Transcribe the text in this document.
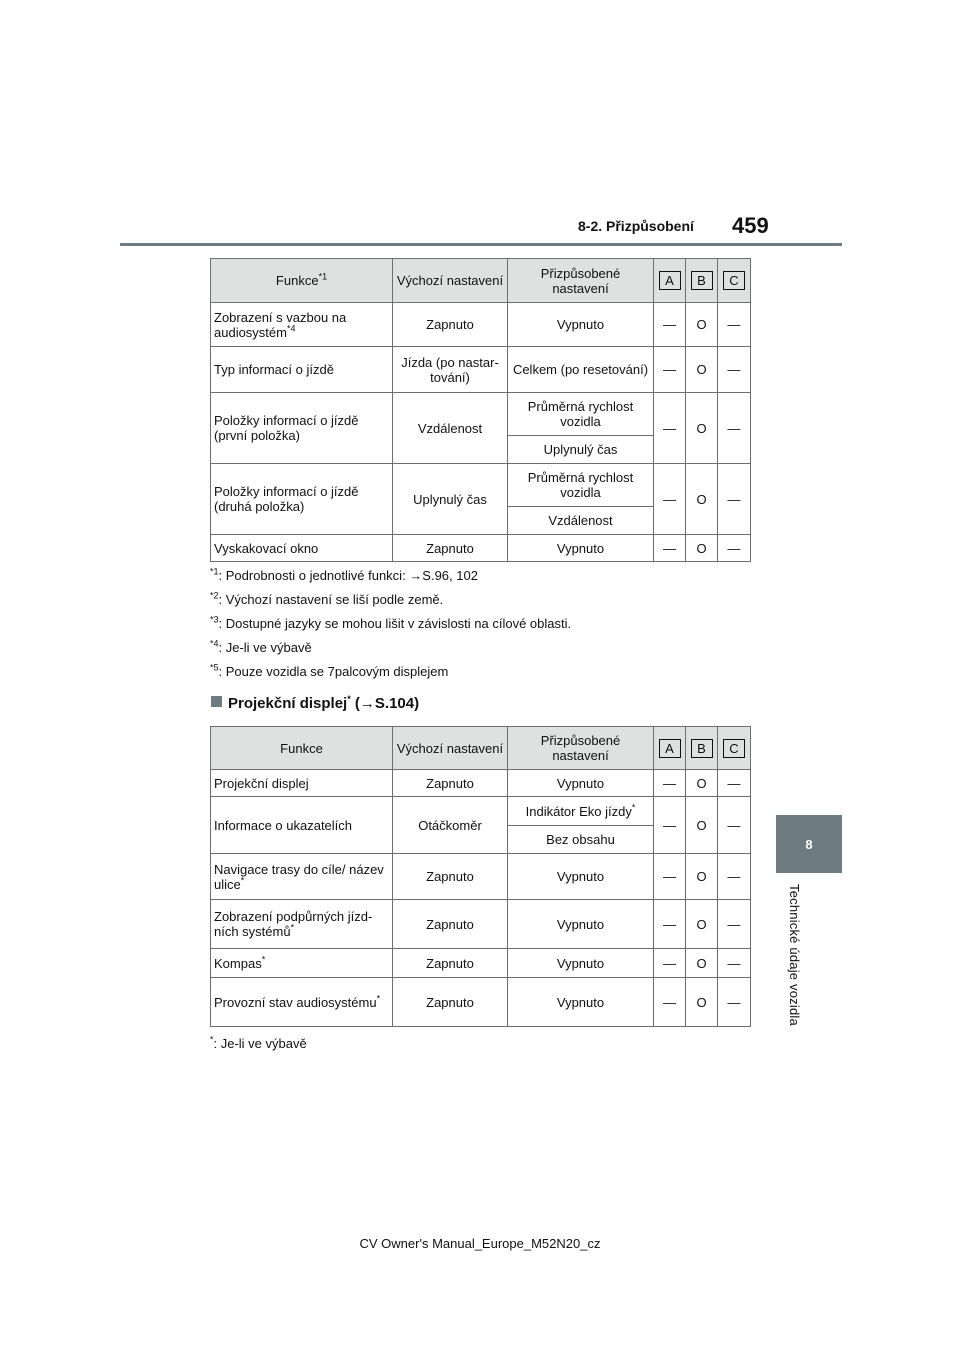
8-2. Přizpůsobení 459
8
Technické údaje vozidla
Funkce$^{*1}$	Výchozí nastavení	Přizpůsobené nastavení	A	B	C
Zobrazení s vazbou na audiosystém$^{*4}$	Zapnuto	Vypnuto	—	O	—
Typ informací o jízdě	Jízda (po nastartování)	Celkem (po resetování)	—	O	—
Položky informací o jízdě (první položka)	Vzdálenost	Průměrná rychlost vozidla	—	O	—
		Uplynulý čas			
Položky informací o jízdě (druhá položka)	Uplynulý čas	Průměrná rychlost vozidla	—	O	—
		Vzdálenost			
Vyskakovací okno	Zapnuto	Vypnuto	—	O	—
$^{*1}$: Podrobnosti o jednotlivé funkci: →S.96, 102
$^{*2}$: Výchozí nastavení se liší podle země.
$^{*3}$: Dostupné jazyky se mohou lišit v závislosti na cílové oblasti.
$^{*4}$: Je-li ve výbavě
$^{*5}$: Pouze vozidla se 7palcovým displejem
Projekční displej* (→S.104)
Funkce	Výchozí nastavení	Přizpůsobené nastavení	A	B	C
Projekční displej	Zapnuto	Vypnuto	—	O	—
Informace o ukazatelích	Otáčkoměr	Indikátor Eko jízdy*	—	O	—
		Bez obsahu			
Navigace trasy do cíle/ název ulice*	Zapnuto	Vypnuto	—	O	—
Zobrazení podpůrných jízdních systémů*	Zapnuto	Vypnuto	—	O	—
Kompas*	Zapnuto	Vypnuto	—	O	—
Provozní stav audiosystému*	Zapnuto	Vypnuto	—	O	—
*: Je-li ve výbavě
CV Owner's Manual_Europe_M52N20_cz
